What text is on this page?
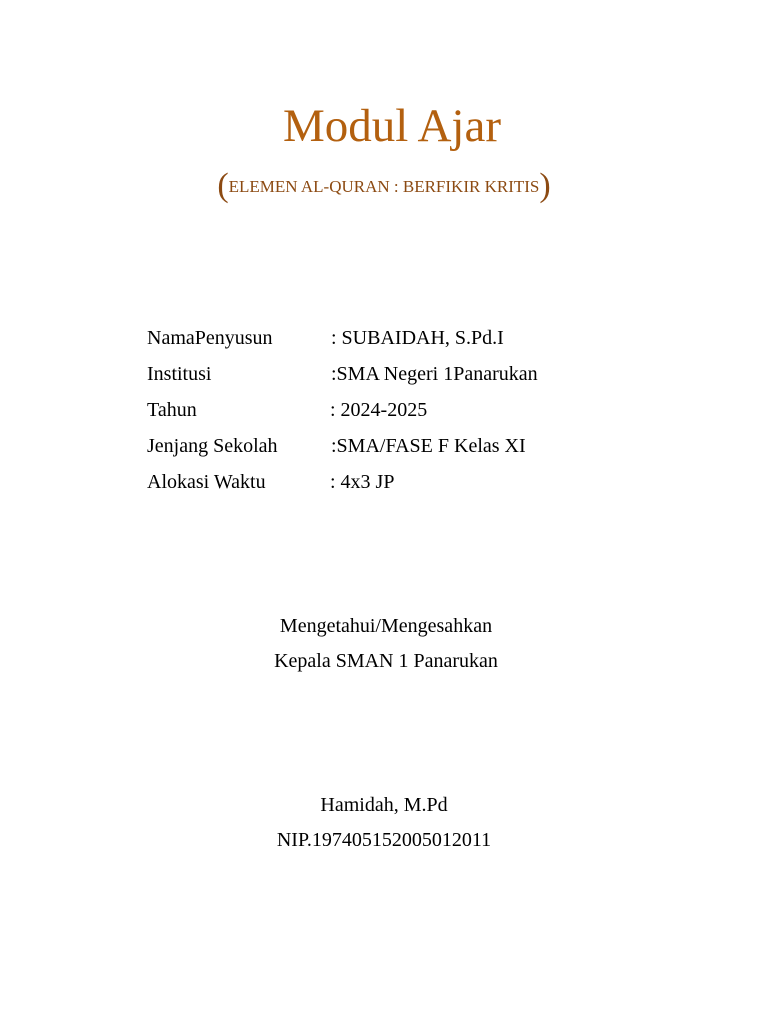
Modul Ajar
(ELEMEN AL-QURAN : BERFIKIR KRITIS)
NamaPenyusun	: SUBAIDAH, S.Pd.I
Institusi	:SMA Negeri 1Panarukan
Tahun	: 2024-2025
Jenjang Sekolah	:SMA/FASE F Kelas XI
Alokasi Waktu	: 4x3 JP
Mengetahui/Mengesahkan
Kepala SMAN 1 Panarukan
Hamidah, M.Pd
NIP.197405152005012011
